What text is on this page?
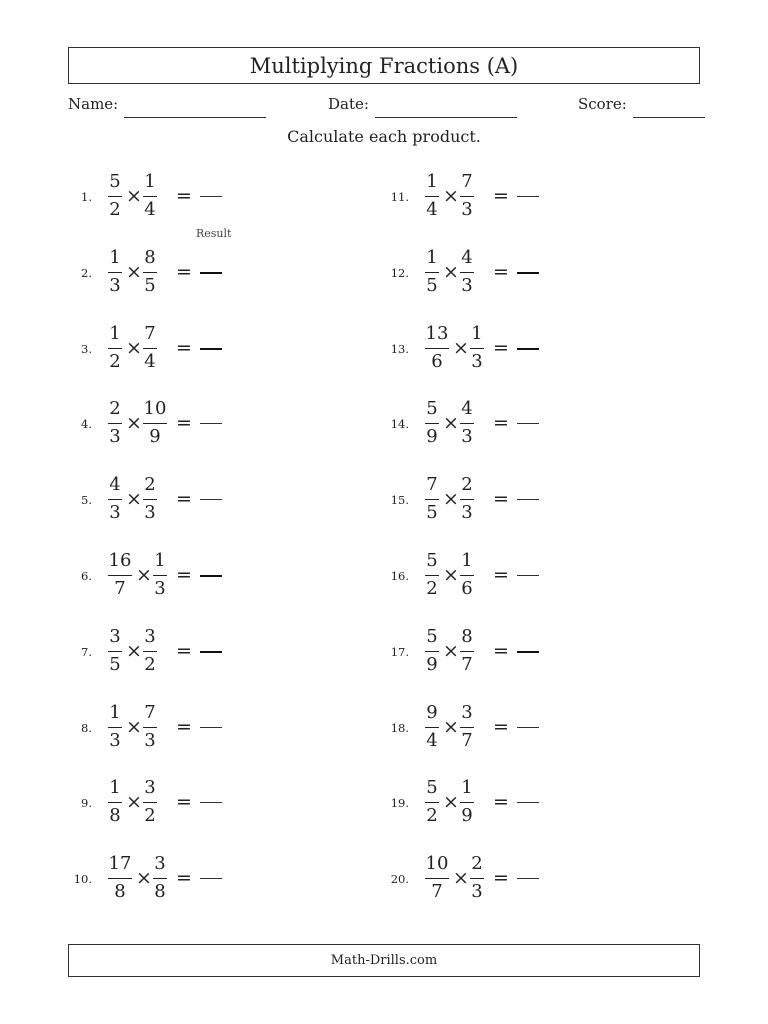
Multiplying Fractions (A)
Name:	Date:	Score:
Calculate each product.
1.
5
2
×
1
4
=
2.
1
3
×
8
5
=
3.
1
2
×
7
4
=
4.
2
3
×
10
9
=
5.
4
3
×
2
3
=
6.
16
7
×
1
3
=
7.
3
5
×
3
2
=
8.
1
3
×
7
3
=
9.
1
8
×
3
2
=
10.
17
8
×
3
8
=
11.
1
4
×
7
3
=
12.
1
5
×
4
3
=
13.
13
6
×
1
3
=
14.
5
9
×
4
3
=
15.
7
5
×
2
3
=
16.
5
2
×
1
6
=
17.
5
9
×
8
7
=
18.
9
4
×
3
7
=
19.
5
2
×
1
9
=
20.
10
7
×
2
3
=
Result
Math-Drills.com
